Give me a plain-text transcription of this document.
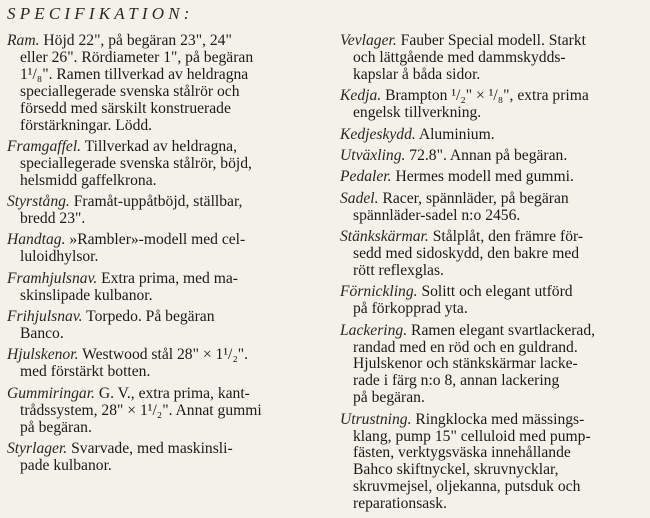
SPECIFIKATION:
Ram. Höjd 22", på begäran 23", 24"
eller 26". Rördiameter 1", på begäran
1¹/₈". Ramen tillverkad av heldragna
speciallegerade svenska stålrör och
försedd med särskilt konstruerade
förstärkningar. Lödd.
Framgaffel. Tillverkad av heldragna,
speciallegerade svenska stålrör, böjd,
helsmidd gaffelkrona.
Styrstång. Framåt-uppåtböjd, ställbar,
bredd 23".
Handtag. »Rambler»-modell med cel-
luloidhylsor.
Framhjulsnav. Extra prima, med ma-
skinslipade kulbanor.
Frihjulsnav. Torpedo. På begäran
Banco.
Hjulskenor. Westwood stål 28" × 1¹/₂".
med förstärkt botten.
Gummiringar. G. V., extra prima, kant-
trådssystem, 28" × 1¹/₂". Annat gummi
på begäran.
Styrlager. Svarvade, med maskinsli-
pade kulbanor.
Vevlager. Fauber Special modell. Starkt
och lättgående med dammskydds-
kapslar å båda sidor.
Kedja. Brampton ¹/₂" × ¹/₈", extra prima
engelsk tillverkning.
Kedjeskydd. Aluminium.
Utväxling. 72.8". Annan på begäran.
Pedaler. Hermes modell med gummi.
Sadel. Racer, spännläder, på begäran
spännläder-sadel n:o 2456.
Stänkskärmar. Stålplåt, den främre för-
sedd med sidoskydd, den bakre med
rött reflexglas.
Förnickling. Solitt och elegant utförd
på förkopprad yta.
Lackering. Ramen elegant svartlackerad,
randad med en röd och en guldrand.
Hjulskenor och stänkskärmar lacke-
rade i färg n:o 8, annan lackering
på begäran.
Utrustning. Ringklocka med mässings-
klang, pump 15" celluloid med pump-
fästen, verktygsväska innehållande
Bahco skiftnyckel, skruvnycklar,
skruvmejsel, oljekanna, putsduk och
reparationsask.
